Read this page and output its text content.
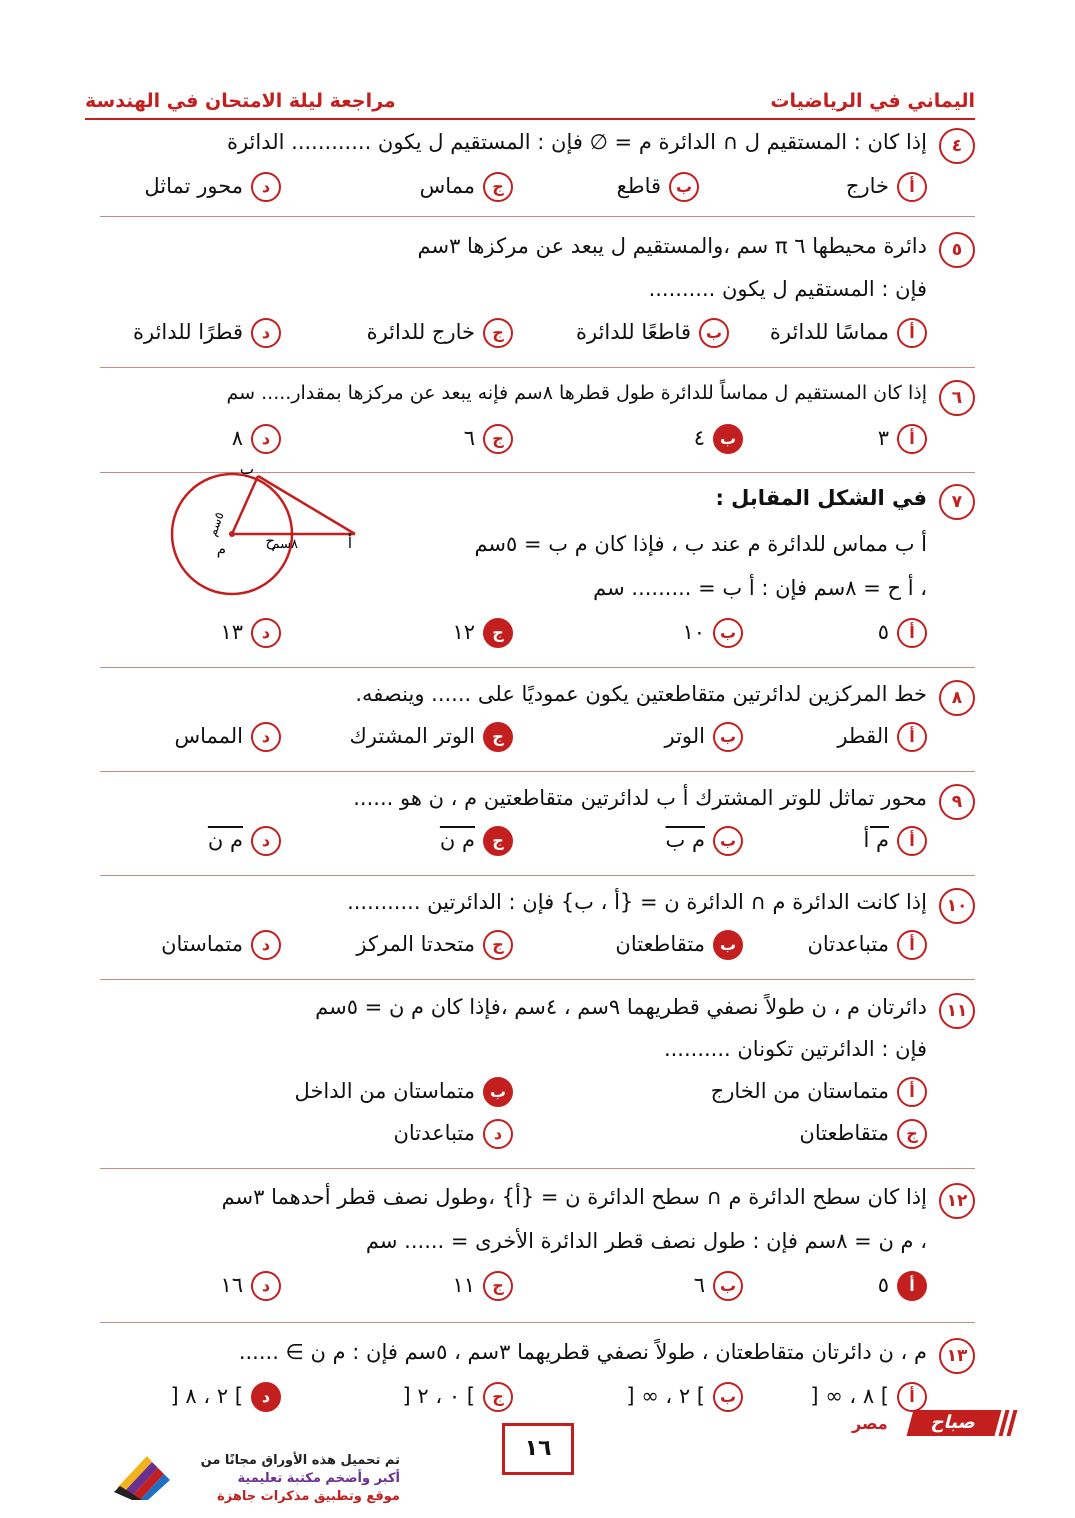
مراجعة ليلة الامتحان في الهندسة	اليماني في الرياضيات
٤
إذا كان : المستقيم ل ∩ الدائرة م = ∅ فإن : المستقيم ل يكون ............ الدائرة
أخارج
بقاطع
جمماس
دمحور تماثل
٥
دائرة محيطها ٦ π سم ،والمستقيم ل يبعد عن مركزها ٣سم
فإن : المستقيم ل يكون ..........
أمماسًا للدائرة
بقاطعًا للدائرة
جخارج للدائرة
دقطرًا للدائرة
٦
إذا كان المستقيم ل مماساً للدائرة طول قطرها ٨سم فإنه يبعد عن مركزها بمقدار..... سم
أ٣
ب٤
ج٦
د٨
٧
في الشكل المقابل :
أ ب مماس للدائرة م عند ب ، فإذا كان م ب = ٥سم
، أ ح = ٨سم فإن : أ ب = ......... سم
أ٥
ب١٠
ج١٢
د١٣
ب
م	ح	أ
٨سم
٥سم
٨
خط المركزين لدائرتين متقاطعتين يكون عموديًا على ...... وينصفه.
أالقطر
بالوتر
جالوتر المشترك
دالمماس
٩
محور تماثل للوتر المشترك أ ب لدائرتين متقاطعتين م ، ن هو ......
أم أ
بم ب
جم ن
دم ن
١٠
إذا كانت الدائرة م ∩ الدائرة ن = {أ ، ب} فإن : الدائرتين ...........
أمتباعدتان
بمتقاطعتان
جمتحدتا المركز
دمتماستان
١١
دائرتان م ، ن طولاً نصفي قطريهما ٩سم ، ٤سم ،فإذا كان م ن = ٥سم
فإن : الدائرتين تكونان ..........
أمتماستان من الخارج
بمتماستان من الداخل
جمتقاطعتان
دمتباعدتان
١٢
إذا كان سطح الدائرة م ∩ سطح الدائرة ن = {أ} ،وطول نصف قطر أحدهما ٣سم
، م ن = ٨سم فإن : طول نصف قطر الدائرة الأخرى = ...... سم
أ٥
ب٦
ج١١
د١٦
١٣
م ، ن دائرتان متقاطعتان ، طولاً نصفي قطريهما ٣سم ، ٥سم فإن : م ن ∋ ......
أ] ٨ ، ∞ [
ب] ٢ ، ∞ [
ج] ٠ ، ٢ [
د] ٢ ، ٨ [
صباح
مصر
١٦
تم تحميل هذه الأوراق مجانًا من
أكبر وأضخم مكتبة تعليمية
موقع وتطبيق مذكرات جاهزة
